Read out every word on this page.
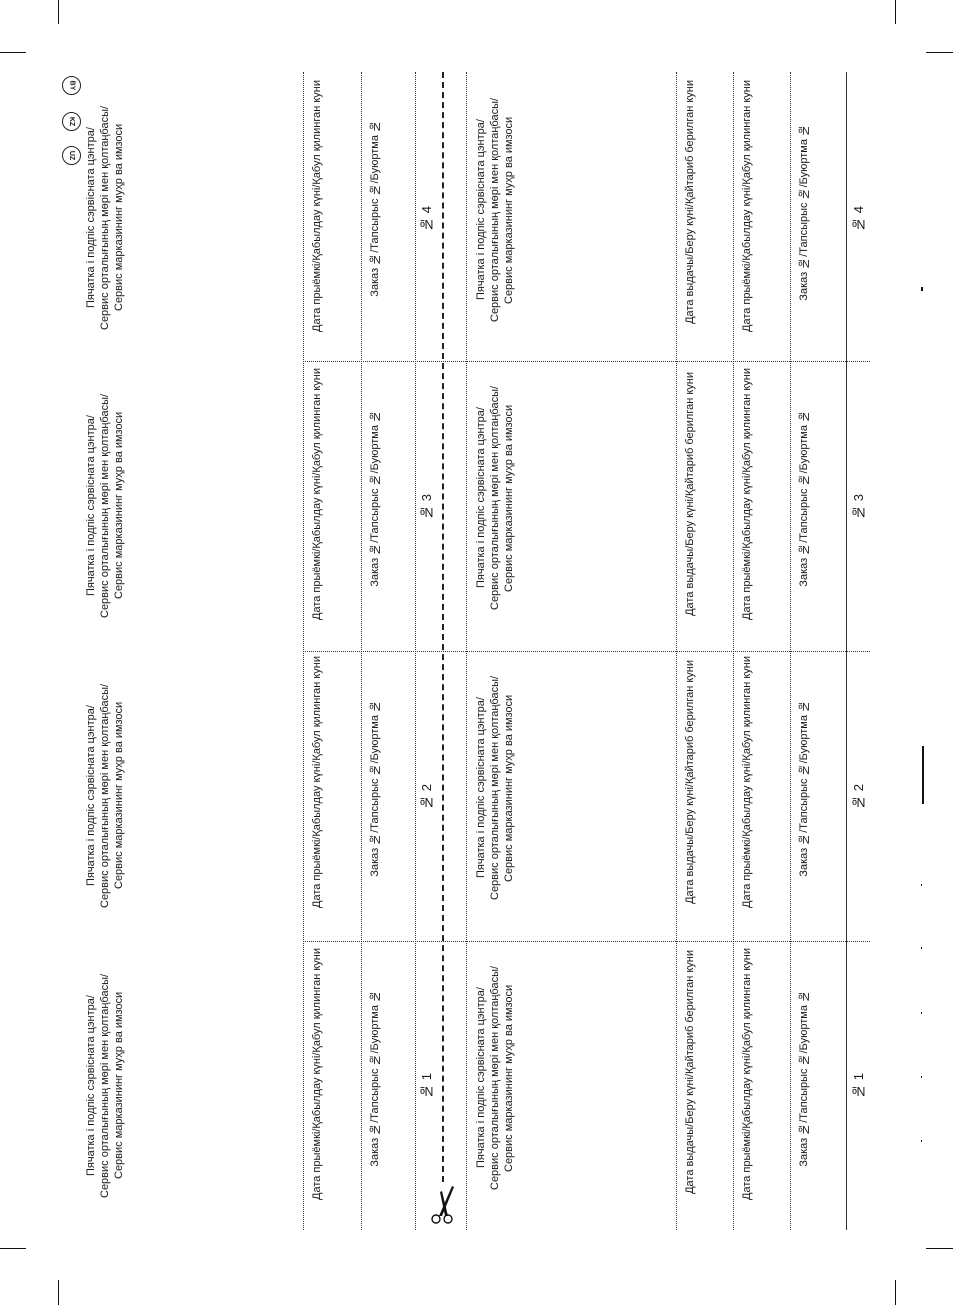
BY
KZ
UZ
№ 4
Заказ №/Тапсырыс №/Буюртма №
Дата прыёмкі/Қабылдау күні/Қабул қилинган куни
Дата выдачы/Беру күні/Қайтариб берилган куни
Пячатка і подпіс сэрвісната цэнтра/ Сервис орталығының мөрі мен қолтаңбасы/ Сервис марказининг муҳр ва имзоси
№ 4
Заказ №/Тапсырыс №/Буюртма №
Дата прыёмкі/Қабылдау күні/Қабул қилинган куни
Пячатка і подпіс сэрвісната цэнтра/ Сервис орталығының мөрі мен қолтаңбасы/ Сервис марказининг муҳр ва имзоси
№ 3
Заказ №/Тапсырыс №/Буюртма №
Дата прыёмкі/Қабылдау күні/Қабул қилинган куни
Дата выдачы/Беру күні/Қайтариб берилган куни
Пячатка і подпіс сэрвісната цэнтра/ Сервис орталығының мөрі мен қолтаңбасы/ Сервис марказининг муҳр ва имзоси
№ 3
Заказ №/Тапсырыс №/Буюртма №
Дата прыёмкі/Қабылдау күні/Қабул қилинган куни
Пячатка і подпіс сэрвісната цэнтра/ Сервис орталығының мөрі мен қолтаңбасы/ Сервис марказининг муҳр ва имзоси
№ 2
Заказ №/Тапсырыс №/Буюртма №
Дата прыёмкі/Қабылдау күні/Қабул қилинган куни
Дата выдачы/Беру күні/Қайтариб берилган куни
Пячатка і подпіс сэрвісната цэнтра/ Сервис орталығының мөрі мен қолтаңбасы/ Сервис марказининг муҳр ва имзоси
№ 2
Заказ №/Тапсырыс №/Буюртма №
Дата прыёмкі/Қабылдау күні/Қабул қилинган куни
Пячатка і подпіс сэрвісната цэнтра/ Сервис орталығының мөрі мен қолтаңбасы/ Сервис марказининг муҳр ва имзоси
№ 1
Заказ №/Тапсырыс №/Буюртма №
Дата прыёмкі/Қабылдау күні/Қабул қилинган куни
Дата выдачы/Беру күні/Қайтариб берилган куни
Пячатка і подпіс сэрвісната цэнтра/ Сервис орталығының мөрі мен қолтаңбасы/ Сервис марказининг муҳр ва имзоси
№ 1
Заказ №/Тапсырыс №/Буюртма №
Дата прыёмкі/Қабылдау күні/Қабул қилинган куни
Пячатка і подпіс сэрвісната цэнтра/ Сервис орталығының мөрі мен қолтаңбасы/ Сервис марказининг муҳр ва имзоси
